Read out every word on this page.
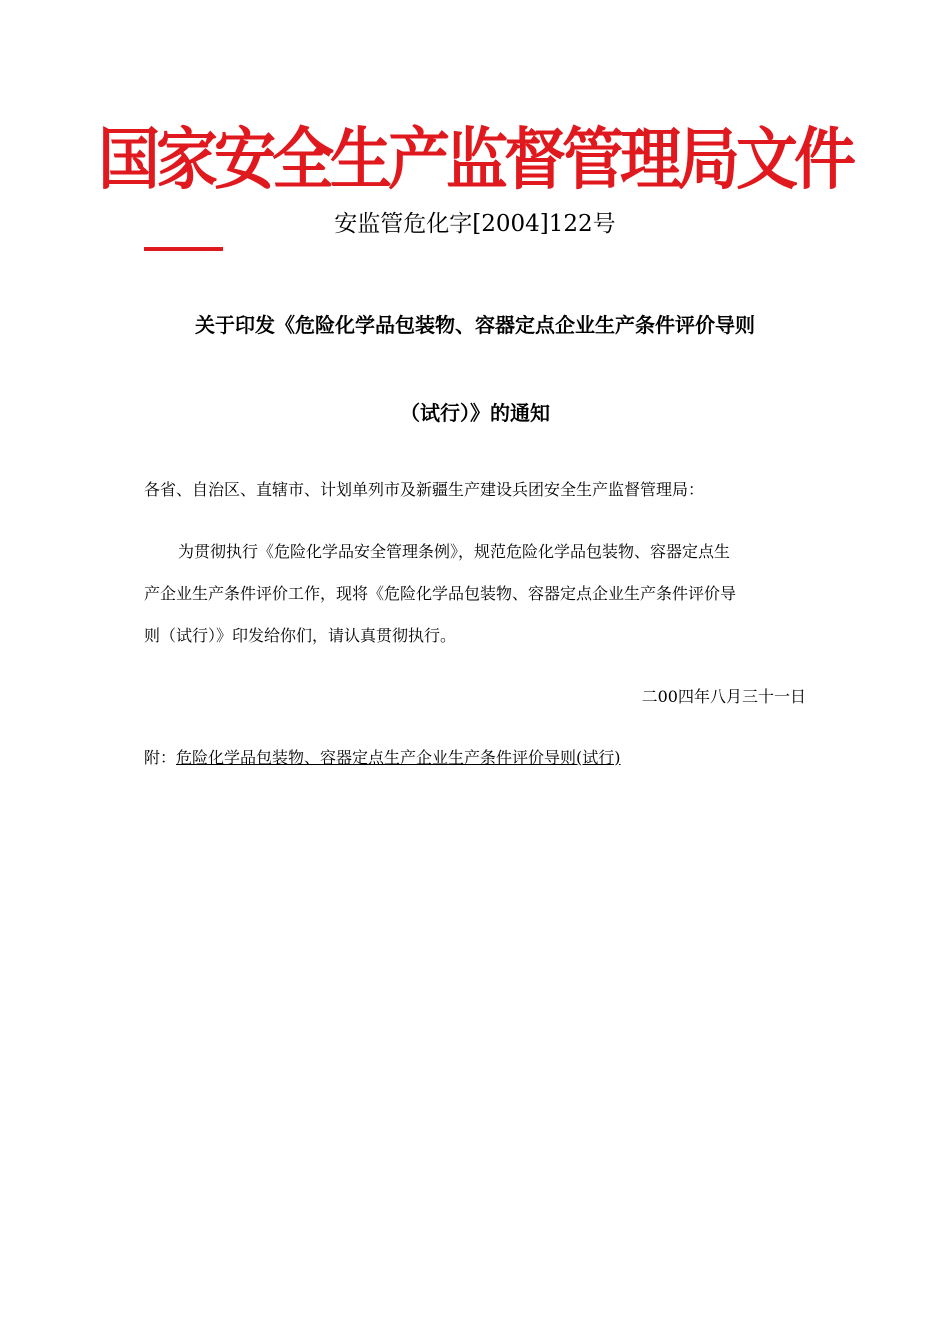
国家安全生产监督管理局文件
安监管危化字[2004]122号
关于印发《危险化学品包装物、容器定点企业生产条件评价导则
（试行）》的通知
各省、自治区、直辖市、计划单列市及新疆生产建设兵团安全生产监督管理局：
为贯彻执行《危险化学品安全管理条例》，规范危险化学品包装物、容器定点生
产企业生产条件评价工作，现将《危险化学品包装物、容器定点企业生产条件评价导
则（试行）》印发给你们，请认真贯彻执行。
二00四年八月三十一日
附：危险化学品包装物、容器定点生产企业生产条件评价导则(试行)
